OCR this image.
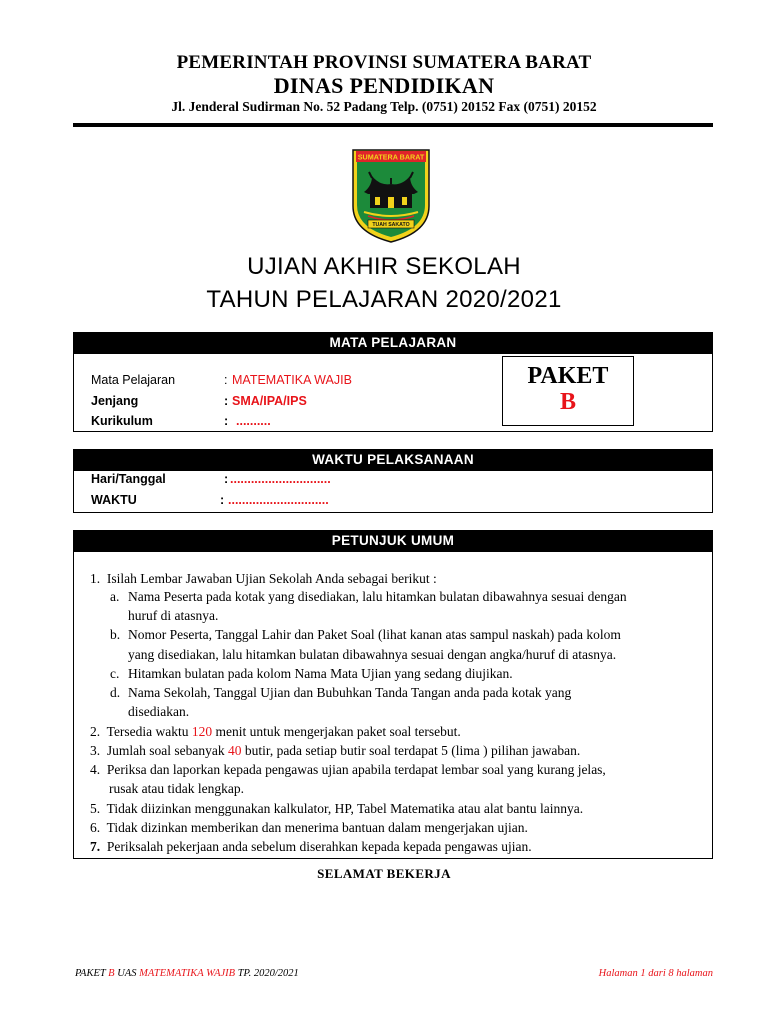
PEMERINTAH PROVINSI SUMATERA BARAT
DINAS PENDIDIKAN
Jl. Jenderal Sudirman No. 52 Padang Telp. (0751) 20152 Fax (0751) 20152
SUMATERA BARAT
TUAH SAKATO
UJIAN AKHIR SEKOLAH
TAHUN PELAJARAN 2020/2021
MATA PELAJARAN
Mata Pelajaran	: MATEMATIKA WAJIB
Jenjang	: SMA/IPA/IPS
Kurikulum	: ..........
PAKET
B
WAKTU PELAKSANAAN
Hari/Tanggal	: .............................
WAKTU	: .............................
PETUNJUK UMUM
1. Isilah Lembar Jawaban Ujian Sekolah Anda sebagai berikut :
a. Nama Peserta pada kotak yang disediakan, lalu hitamkan bulatan dibawahnya sesuai dengan
huruf di atasnya.
b. Nomor Peserta, Tanggal Lahir dan Paket Soal (lihat kanan atas sampul naskah) pada kolom
yang disediakan, lalu hitamkan bulatan dibawahnya sesuai dengan angka/huruf di atasnya.
c. Hitamkan bulatan pada kolom Nama Mata Ujian yang sedang diujikan.
d. Nama Sekolah, Tanggal Ujian dan Bubuhkan Tanda Tangan anda pada kotak yang
disediakan.
2. Tersedia waktu 120 menit untuk mengerjakan paket soal tersebut.
3. Jumlah soal sebanyak 40 butir, pada setiap butir soal terdapat 5 (lima ) pilihan jawaban.
4. Periksa dan laporkan kepada pengawas ujian apabila terdapat lembar soal yang kurang jelas,
rusak atau tidak lengkap.
5. Tidak diizinkan menggunakan kalkulator, HP, Tabel Matematika atau alat bantu lainnya.
6. Tidak dizinkan memberikan dan menerima bantuan dalam mengerjakan ujian.
7. Periksalah pekerjaan anda sebelum diserahkan kepada kepada pengawas ujian.
SELAMAT BEKERJA
PAKET B UAS MATEMATIKA WAJIB TP. 2020/2021	Halaman 1 dari 8 halaman
